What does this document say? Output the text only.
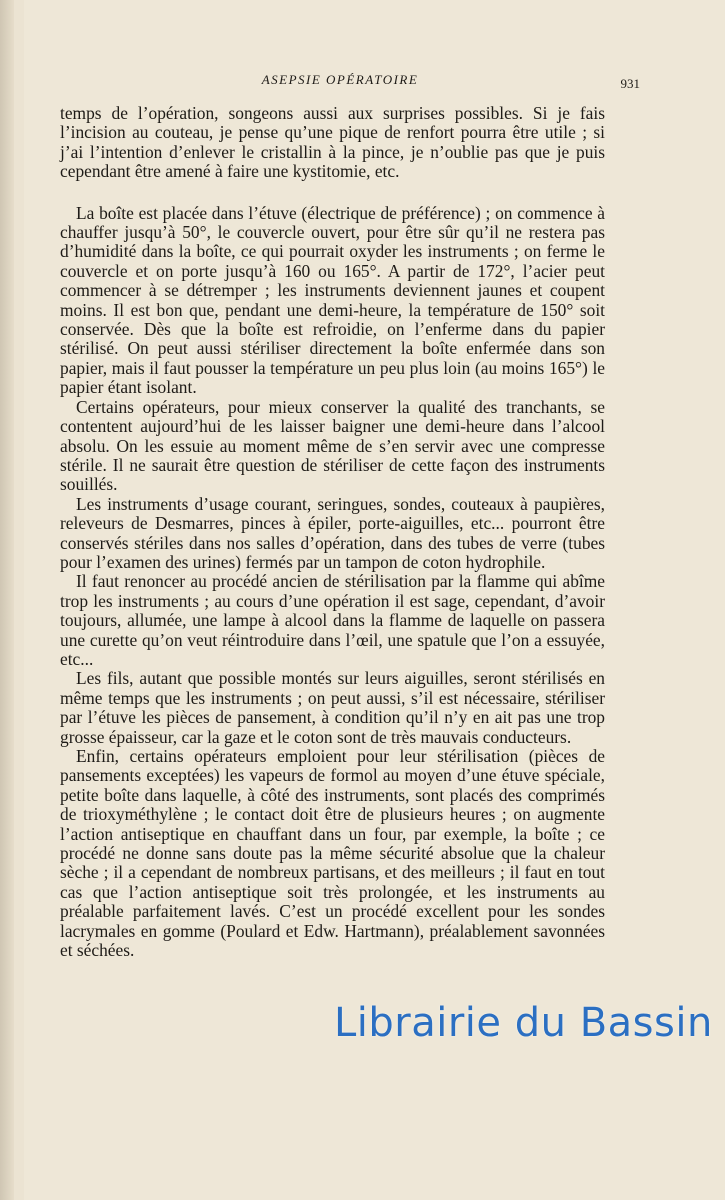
ASEPSIE OPÉRATOIRE	931

temps de l’opération, songeons aussi aux surprises possibles. Si je fais l’incision au couteau, je pense qu’une pique de renfort pourra être utile ; si j’ai l’intention d’enlever le cristallin à la pince, je n’oublie pas que je puis cependant être amené à faire une kystitomie, etc.

La boîte est placée dans l’étuve (électrique de préférence) ; on commence à chauffer jusqu’à 50°, le couvercle ouvert, pour être sûr qu’il ne restera pas d’humidité dans la boîte, ce qui pourrait oxyder les instruments ; on ferme le couvercle et on porte jusqu’à 160 ou 165°. A partir de 172°, l’acier peut commencer à se détremper ; les instruments deviennent jaunes et coupent moins. Il est bon que, pendant une demi-heure, la température de 150° soit conservée. Dès que la boîte est refroidie, on l’enferme dans du papier stérilisé. On peut aussi stériliser directement la boîte enfermée dans son papier, mais il faut pousser la température un peu plus loin (au moins 165°) le papier étant isolant.

Certains opérateurs, pour mieux conserver la qualité des tranchants, se contentent aujourd’hui de les laisser baigner une demi-heure dans l’alcool absolu. On les essuie au moment même de s’en servir avec une compresse stérile. Il ne saurait être question de stériliser de cette façon des instruments souillés.

Les instruments d’usage courant, seringues, sondes, couteaux à paupières, releveurs de Desmarres, pinces à épiler, porte-aiguilles, etc... pourront être conservés stériles dans nos salles d’opération, dans des tubes de verre (tubes pour l’examen des urines) fermés par un tampon de coton hydrophile.

Il faut renoncer au procédé ancien de stérilisation par la flamme qui abîme trop les instruments ; au cours d’une opération il est sage, cependant, d’avoir toujours, allumée, une lampe à alcool dans la flamme de laquelle on passera une curette qu’on veut réintroduire dans l’œil, une spatule que l’on a essuyée, etc...

Les fils, autant que possible montés sur leurs aiguilles, seront stérilisés en même temps que les instruments ; on peut aussi, s’il est nécessaire, stériliser par l’étuve les pièces de pansement, à condition qu’il n’y en ait pas une trop grosse épaisseur, car la gaze et le coton sont de très mauvais conducteurs.

Enfin, certains opérateurs emploient pour leur stérilisation (pièces de pansements exceptées) les vapeurs de formol au moyen d’une étuve spéciale, petite boîte dans laquelle, à côté des instruments, sont placés des comprimés de trioxyméthylène ; le contact doit être de plusieurs heures ; on augmente l’action antiseptique en chauffant dans un four, par exemple, la boîte ; ce procédé ne donne sans doute pas la même sécurité absolue que la chaleur sèche ; il a cependant de nombreux partisans, et des meilleurs ; il faut en tout cas que l’action antiseptique soit très prolongée, et les instruments au préalable parfaitement lavés. C’est un procédé excellent pour les sondes lacrymales en gomme (Poulard et Edw. Hartmann), préalablement savonnées et séchées.

Librairie du Bassin
